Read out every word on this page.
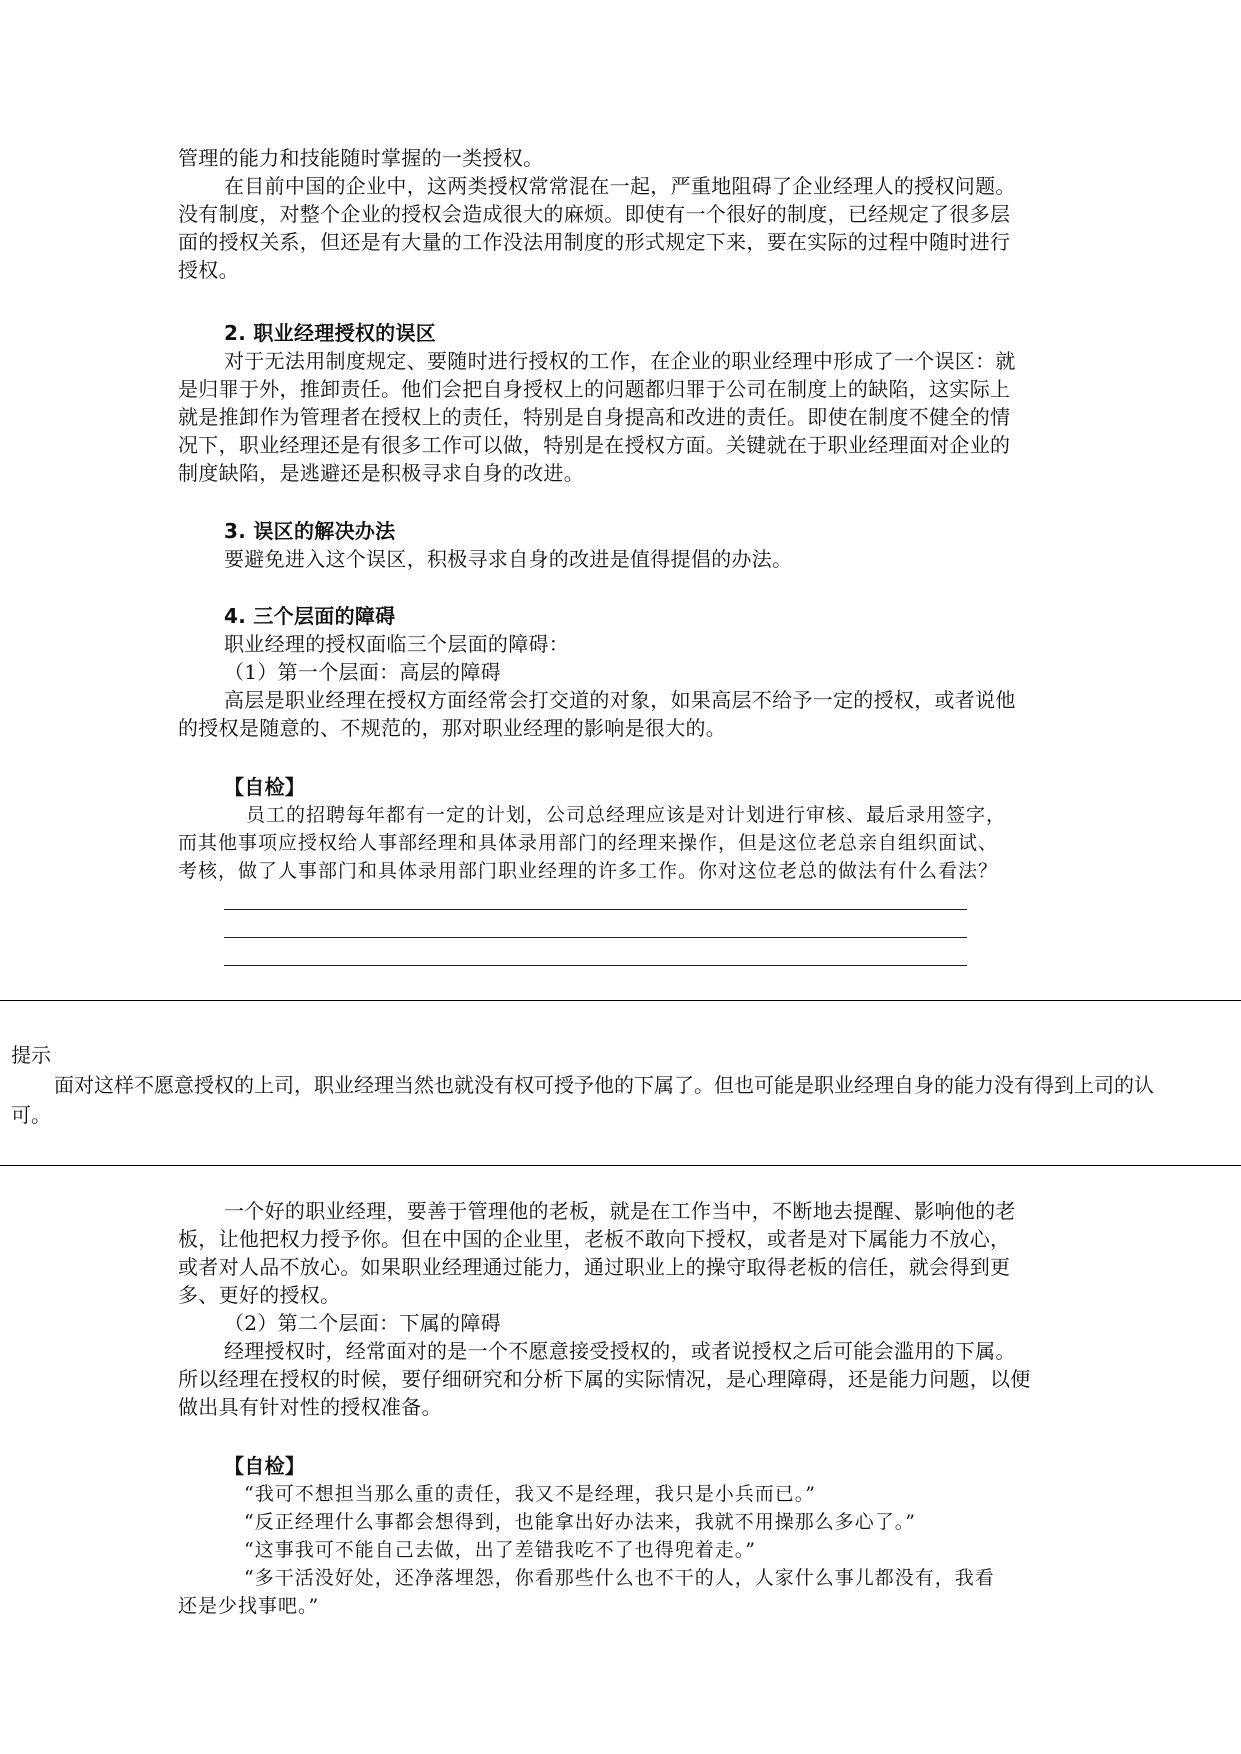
管理的能力和技能随时掌握的一类授权。
在目前中国的企业中，这两类授权常常混在一起，严重地阻碍了企业经理人的授权问题。
没有制度，对整个企业的授权会造成很大的麻烦。即使有一个很好的制度，已经规定了很多层
面的授权关系，但还是有大量的工作没法用制度的形式规定下来，要在实际的过程中随时进行
授权。
2. 职业经理授权的误区
对于无法用制度规定、要随时进行授权的工作，在企业的职业经理中形成了一个误区：就
是归罪于外，推卸责任。他们会把自身授权上的问题都归罪于公司在制度上的缺陷，这实际上
就是推卸作为管理者在授权上的责任，特别是自身提高和改进的责任。即使在制度不健全的情
况下，职业经理还是有很多工作可以做，特别是在授权方面。关键就在于职业经理面对企业的
制度缺陷，是逃避还是积极寻求自身的改进。
3. 误区的解决办法
要避免进入这个误区，积极寻求自身的改进是值得提倡的办法。
4. 三个层面的障碍
职业经理的授权面临三个层面的障碍：
（1）第一个层面：高层的障碍
高层是职业经理在授权方面经常会打交道的对象，如果高层不给予一定的授权，或者说他
的授权是随意的、不规范的，那对职业经理的影响是很大的。
【自检】
员工的招聘每年都有一定的计划，公司总经理应该是对计划进行审核、最后录用签字，
而其他事项应授权给人事部经理和具体录用部门的经理来操作，但是这位老总亲自组织面试、
考核，做了人事部门和具体录用部门职业经理的许多工作。你对这位老总的做法有什么看法？
提示
面对这样不愿意授权的上司，职业经理当然也就没有权可授予他的下属了。但也可能是职业经理自身的能力没有得到上司的认
可。
一个好的职业经理，要善于管理他的老板，就是在工作当中，不断地去提醒、影响他的老
板，让他把权力授予你。但在中国的企业里，老板不敢向下授权，或者是对下属能力不放心，
或者对人品不放心。如果职业经理通过能力，通过职业上的操守取得老板的信任，就会得到更
多、更好的授权。
（2）第二个层面：下属的障碍
经理授权时，经常面对的是一个不愿意接受授权的，或者说授权之后可能会滥用的下属。
所以经理在授权的时候，要仔细研究和分析下属的实际情况，是心理障碍，还是能力问题，以便
做出具有针对性的授权准备。
【自检】
“我可不想担当那么重的责任，我又不是经理，我只是小兵而已。”
“反正经理什么事都会想得到，也能拿出好办法来，我就不用操那么多心了。”
“这事我可不能自己去做，出了差错我吃不了也得兜着走。”
“多干活没好处，还净落埋怨，你看那些什么也不干的人，人家什么事儿都没有，我看
还是少找事吧。”
